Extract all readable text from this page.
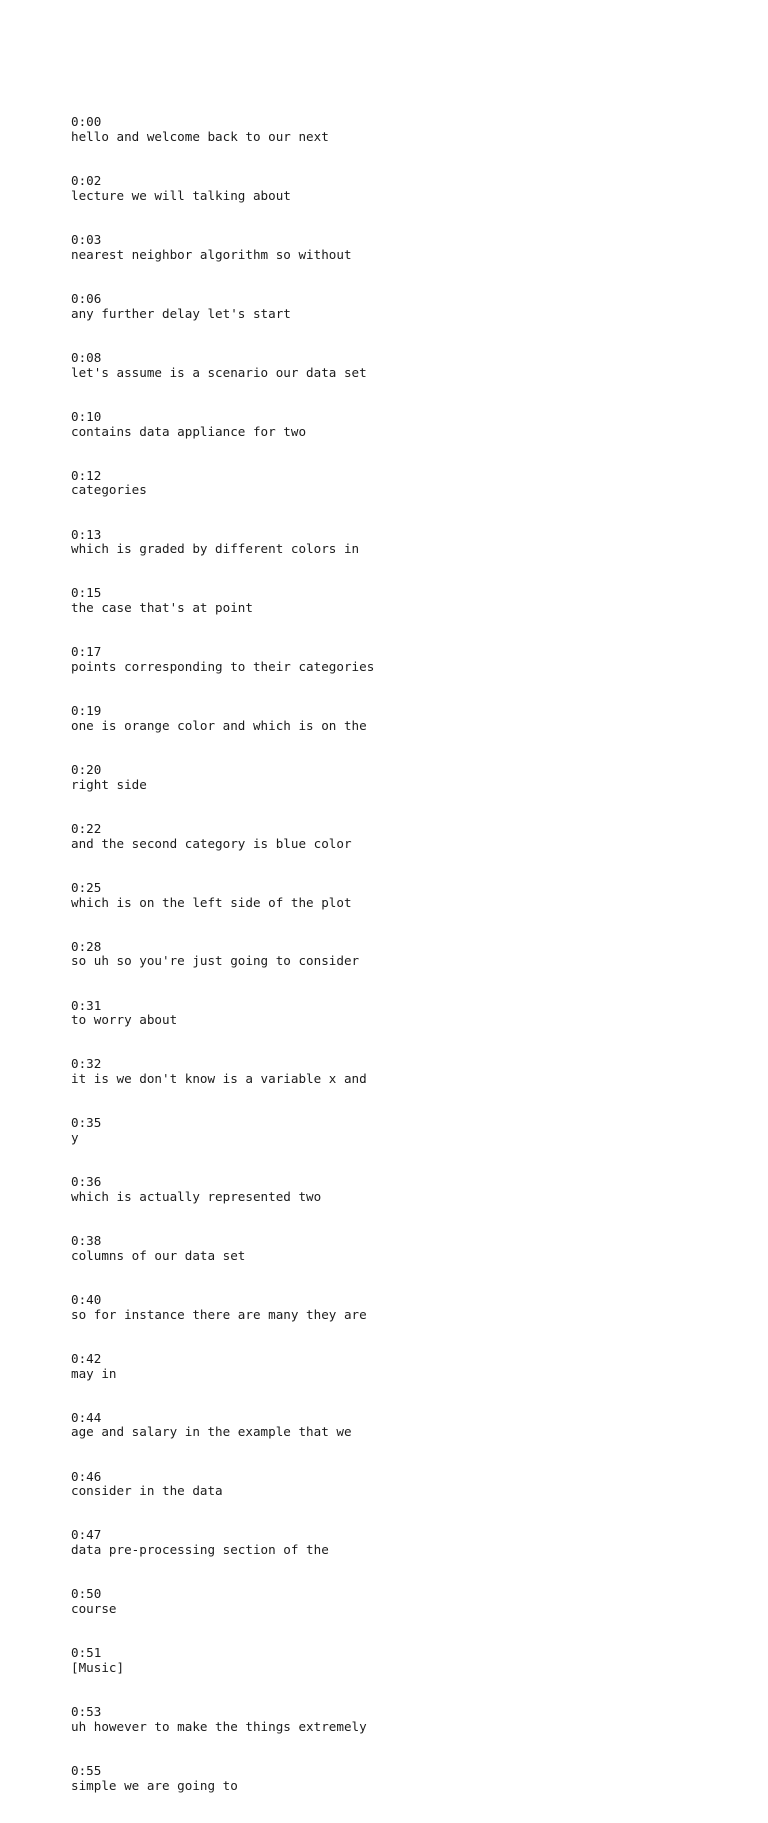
0:00
hello and welcome back to our next

0:02
lecture we will talking about

0:03
nearest neighbor algorithm so without

0:06
any further delay let's start

0:08
let's assume is a scenario our data set

0:10
contains data appliance for two

0:12
categories

0:13
which is graded by different colors in

0:15
the case that's at point

0:17
points corresponding to their categories

0:19
one is orange color and which is on the

0:20
right side

0:22
and the second category is blue color

0:25
which is on the left side of the plot

0:28
so uh so you're just going to consider

0:31
to worry about

0:32
it is we don't know is a variable x and

0:35
y

0:36
which is actually represented two

0:38
columns of our data set

0:40
so for instance there are many they are

0:42
may in

0:44
age and salary in the example that we

0:46
consider in the data

0:47
data pre-processing section of the

0:50
course

0:51
[Music]

0:53
uh however to make the things extremely

0:55
simple we are going to
